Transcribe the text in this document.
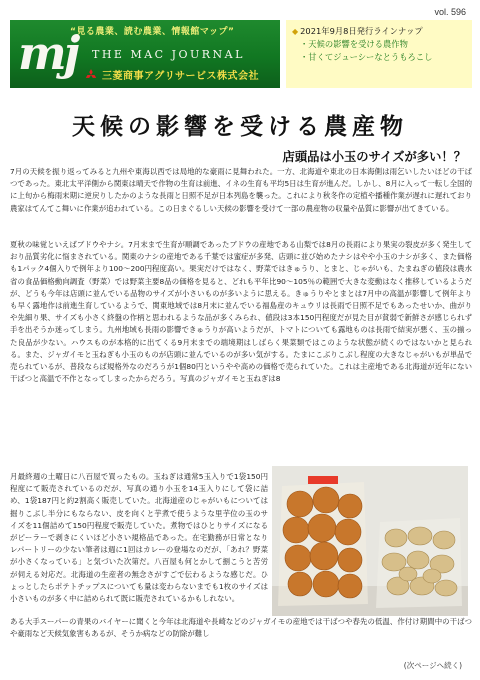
vol. 596
“見る農業、読む農業、情報館マップ”
mj THE MAC JOURNAL
三菱商事アグリサービス株式会社
◆ 2021年9月8日発行ラインナップ
・天候の影響を受ける農作物
・甘くてジューシーなとうもろこし
天候の影響を受ける農産物
店頭品は小玉のサイズが多い！？
7月の天候を振り返ってみると九州や東海以西では局地的な豪雨に見舞われた。一方、北海道や東北の日本海側は雨乞いしたいほどの干ばつであった。東北太平洋側から関東は晴天で作物の生育は前進、イネの生育も平均5日は生育が進んだ。しかし、8月に入って一転し全国的に上旬から梅雨末期に逆戻りしたかのような長雨と日照不足が日本列島を襲った。これにより秋冬作の定植や播種作業が遅れに遅れており農家はてんてこ舞いに作業が追われている。この日まぐるしい天候の影響を受けて一部の農産物の収量や品質に影響が出てきている。
夏秋の味覚といえばブドウやナシ。7月末まで生育が順調であったブドウの産地である山梨では8月の長雨により果実の裂皮が多く発生しており品質劣化に悩まされている。関東のナシの産地である千葉では蜜症が多発、店頭に並び始めたナシはやや小玉のナシが多く、また価格も1パック4個入りで例年より100～200円程度高い。果実だけではなく、野菜ではきゅうり、とまと、じゃがいも、たまねぎの値段は農水省の食品価格動向調査（野菜）では野菜主要8品の価格を見ると、どれも平年比90～105％の範囲で大きな変動はなく推移しているようだが、どうも今年は店頭に並んでいる品物のサイズが小さいものが多いように思える。きゅうりやとまとは7月中の高温が影響して例年よりも早く露地作は前進生育しているようで、関東地域では8月末に並んでいる福島産のキュウリは長雨で日照不足でもあったせいか、曲がりや先細り果、サイズも小さく終盤の作柄と思われるような品が多くみられ、値段は3本150円程度だが見た目が貧弱で新鮮さが感じられず手を出そうか迷ってしまう。九州地域も長雨の影響できゅうりが高いようだが、トマトについても露地ものは長雨で結実が悪く、玉の揃った良品が少ない。ハウスものが本格的に出てくる9月末までの端境期はしばらく果菜類ではこのような状態が続くのではないかと見られる。また、ジャガイモと玉ねぎも小玉のものが店頭に並んでいるのが多い気がする。たまにこぶりこぶし程度の大きなじゃがいもが単品で売られているが、普段ならば規格外なのだろうが1個80円というやや高めの価格で売られていた。これは主産地である北海道が近年にない干ばつと高温で不作となってしまったからだろう。写真のジャガイモと玉ねぎは8
月最終週の土曜日に八百屋で買ったもの。玉ねぎは通常5玉入りで1袋150円程度にて販売されているのだが、写真の通り小玉を14玉入りにして袋に詰め、1袋187円と約2割高く販売していた。北海道産のじゃがいもについては掘りこぶし半分にもならない、皮を向くと芋煮で使うような里芋位の玉のサイズを11個詰めて150円程度で販売していた。煮物ではひとりサイズになるがピーラーで剥きにくいほど小さい規格品であった。在宅勤務が日常となりレパートリーの少ない筆者は週に1回はカレーの登場なのだが、「あれ？野菜が小さくなっている」と気づいた次第だ。八百屋も何とかして捌こうと苦労が伺える対応だ。北海道の生産者の無念さがすごで伝わるような感じだ。ひょっとしたらポテトチップスについても量は変わらないまでも1枚のサイズは小さいものが多く中に詰められて既に販売されているかもしれない。
ある大手スーパーの青果のバイヤーに聞くと今年は北海道や長崎などのジャガイモの産地では干ばつや春先の低温、作付け期間中の干ばつや豪雨など天候気象害もあるが、そうか病などの防除が難し
(次ページへ続く)
